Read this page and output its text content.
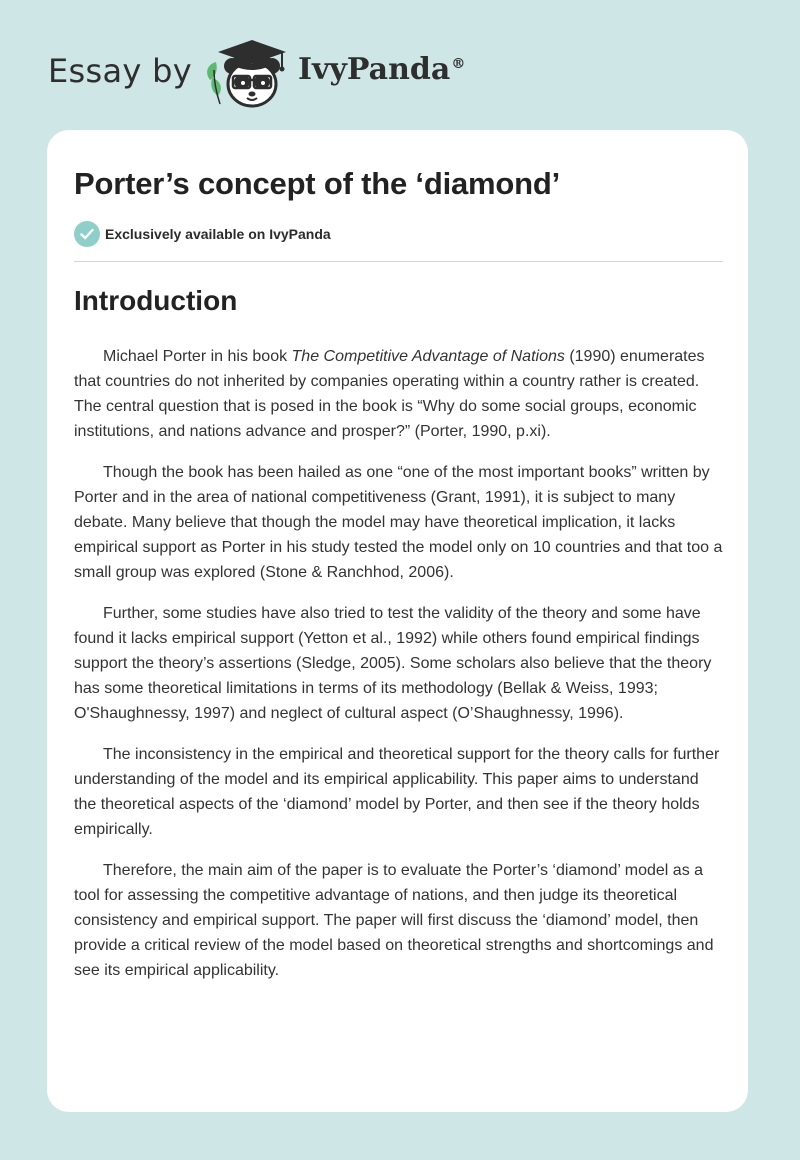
Essay by	IvyPanda®
Porter’s concept of the ‘diamond’
Exclusively available on IvyPanda
Introduction

Michael Porter in his book The Competitive Advantage of Nations (1990) enumerates that countries do not inherited by companies operating within a country rather is created. The central question that is posed in the book is “Why do some social groups, economic institutions, and nations advance and prosper?” (Porter, 1990, p.xi).

Though the book has been hailed as one “one of the most important books” written by Porter and in the area of national competitiveness (Grant, 1991), it is subject to many debate. Many believe that though the model may have theoretical implication, it lacks empirical support as Porter in his study tested the model only on 10 countries and that too a small group was explored (Stone & Ranchhod, 2006).

Further, some studies have also tried to test the validity of the theory and some have found it lacks empirical support (Yetton et al., 1992) while others found empirical findings support the theory’s assertions (Sledge, 2005). Some scholars also believe that the theory has some theoretical limitations in terms of its methodology (Bellak & Weiss, 1993; O'Shaughnessy, 1997) and neglect of cultural aspect (O’Shaughnessy, 1996).

The inconsistency in the empirical and theoretical support for the theory calls for further understanding of the model and its empirical applicability. This paper aims to understand the theoretical aspects of the ‘diamond’ model by Porter, and then see if the theory holds empirically.

Therefore, the main aim of the paper is to evaluate the Porter’s ‘diamond’ model as a tool for assessing the competitive advantage of nations, and then judge its theoretical consistency and empirical support. The paper will first discuss the ‘diamond’ model, then provide a critical review of the model based on theoretical strengths and shortcomings and see its empirical applicability.
